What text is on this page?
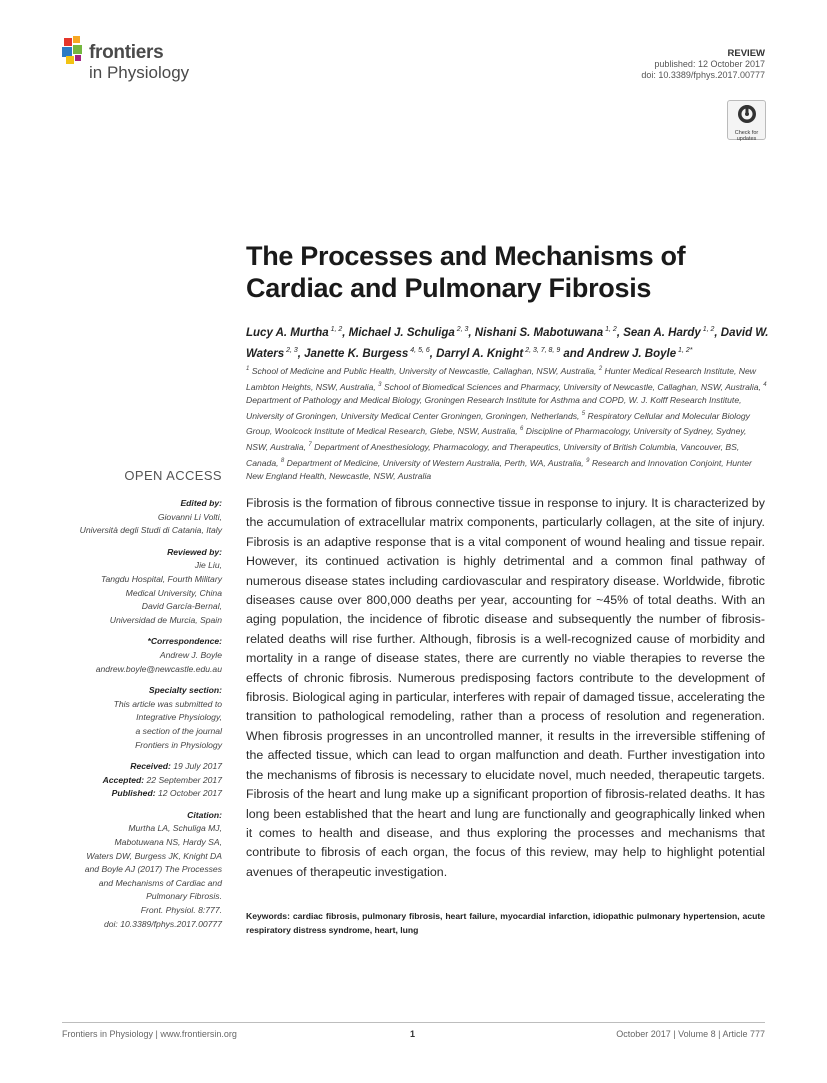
frontiers
in Physiology
REVIEW
published: 12 October 2017
doi: 10.3389/fphys.2017.00777
Check for updates
The Processes and Mechanisms of Cardiac and Pulmonary Fibrosis
Lucy A. Murtha $^{1, 2}$, Michael J. Schuliga $^{2, 3}$, Nishani S. Mabotuwana $^{1, 2}$, Sean A. Hardy $^{1, 2}$, David W. Waters $^{2, 3}$, Janette K. Burgess $^{4, 5, 6}$, Darryl A. Knight $^{2, 3, 7, 8, 9}$ and Andrew J. Boyle $^{1, 2*}$
$^1$ School of Medicine and Public Health, University of Newcastle, Callaghan, NSW, Australia, $^2$ Hunter Medical Research Institute, New Lambton Heights, NSW, Australia, $^3$ School of Biomedical Sciences and Pharmacy, University of Newcastle, Callaghan, NSW, Australia, $^4$ Department of Pathology and Medical Biology, Groningen Research Institute for Asthma and COPD, W. J. Kolff Research Institute, University of Groningen, University Medical Center Groningen, Groningen, Netherlands, $^5$ Respiratory Cellular and Molecular Biology Group, Woolcock Institute of Medical Research, Glebe, NSW, Australia, $^6$ Discipline of Pharmacology, University of Sydney, Sydney, NSW, Australia, $^7$ Department of Anesthesiology, Pharmacology, and Therapeutics, University of British Columbia, Vancouver, BS, Canada, $^8$ Department of Medicine, University of Western Australia, Perth, WA, Australia, $^9$ Research and Innovation Conjoint, Hunter New England Health, Newcastle, NSW, Australia
OPEN ACCESS
Edited by:
Giovanni Li Volti,
Università degli Studi di Catania, Italy
Reviewed by:
Jie Liu,
Tangdu Hospital, Fourth Military
Medical University, China
David García-Bernal,
Universidad de Murcia, Spain
*Correspondence:
Andrew J. Boyle
andrew.boyle@newcastle.edu.au
Specialty section:
This article was submitted to
Integrative Physiology,
a section of the journal
Frontiers in Physiology
Received: 19 July 2017
Accepted: 22 September 2017
Published: 12 October 2017
Citation:
Murtha LA, Schuliga MJ,
Mabotuwana NS, Hardy SA,
Waters DW, Burgess JK, Knight DA
and Boyle AJ (2017) The Processes
and Mechanisms of Cardiac and
Pulmonary Fibrosis.
Front. Physiol. 8:777.
doi: 10.3389/fphys.2017.00777
Fibrosis is the formation of fibrous connective tissue in response to injury. It is characterized by the accumulation of extracellular matrix components, particularly collagen, at the site of injury. Fibrosis is an adaptive response that is a vital component of wound healing and tissue repair. However, its continued activation is highly detrimental and a common final pathway of numerous disease states including cardiovascular and respiratory disease. Worldwide, fibrotic diseases cause over 800,000 deaths per year, accounting for ~45% of total deaths. With an aging population, the incidence of fibrotic disease and subsequently the number of fibrosis-related deaths will rise further. Although, fibrosis is a well-recognized cause of morbidity and mortality in a range of disease states, there are currently no viable therapies to reverse the effects of chronic fibrosis. Numerous predisposing factors contribute to the development of fibrosis. Biological aging in particular, interferes with repair of damaged tissue, accelerating the transition to pathological remodeling, rather than a process of resolution and regeneration. When fibrosis progresses in an uncontrolled manner, it results in the irreversible stiffening of the affected tissue, which can lead to organ malfunction and death. Further investigation into the mechanisms of fibrosis is necessary to elucidate novel, much needed, therapeutic targets. Fibrosis of the heart and lung make up a significant proportion of fibrosis-related deaths. It has long been established that the heart and lung are functionally and geographically linked when it comes to health and disease, and thus exploring the processes and mechanisms that contribute to fibrosis of each organ, the focus of this review, may help to highlight potential avenues of therapeutic investigation.
Keywords: cardiac fibrosis, pulmonary fibrosis, heart failure, myocardial infarction, idiopathic pulmonary hypertension, acute respiratory distress syndrome, heart, lung
Frontiers in Physiology | www.frontiersin.org	1	October 2017 | Volume 8 | Article 777
